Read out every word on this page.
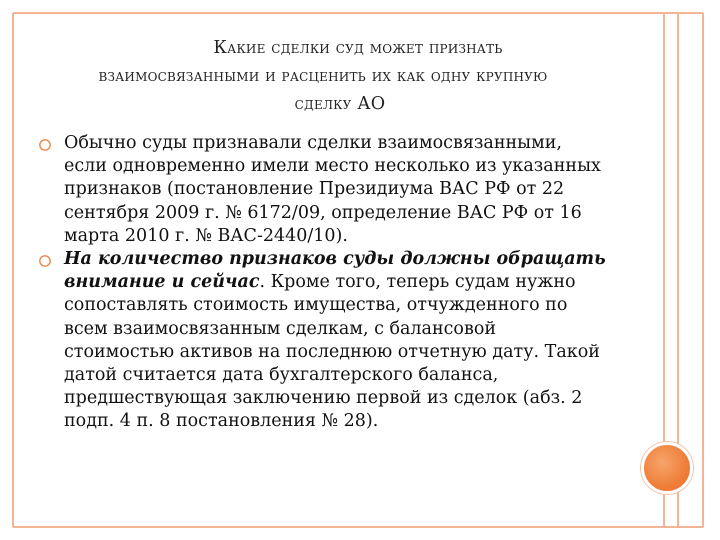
Какие сделки суд может признать
взаимосвязанными и расценить их как одну крупную
сделку АО
Обычно суды признавали сделки взаимосвязанными, если одновременно имели место несколько из указанных признаков (постановление Президиума ВАС РФ от 22 сентября 2009 г. № 6172/09, определение ВАС РФ от 16 марта 2010 г. № ВАС-2440/10).
На количество признаков суды должны обращать внимание и сейчас. Кроме того, теперь судам нужно сопоставлять стоимость имущества, отчужденного по всем взаимосвязанным сделкам, с балансовой стоимостью активов на последнюю отчетную дату. Такой датой считается дата бухгалтерского баланса, предшествующая заключению первой из сделок (абз. 2 подп. 4 п. 8 постановления № 28).
